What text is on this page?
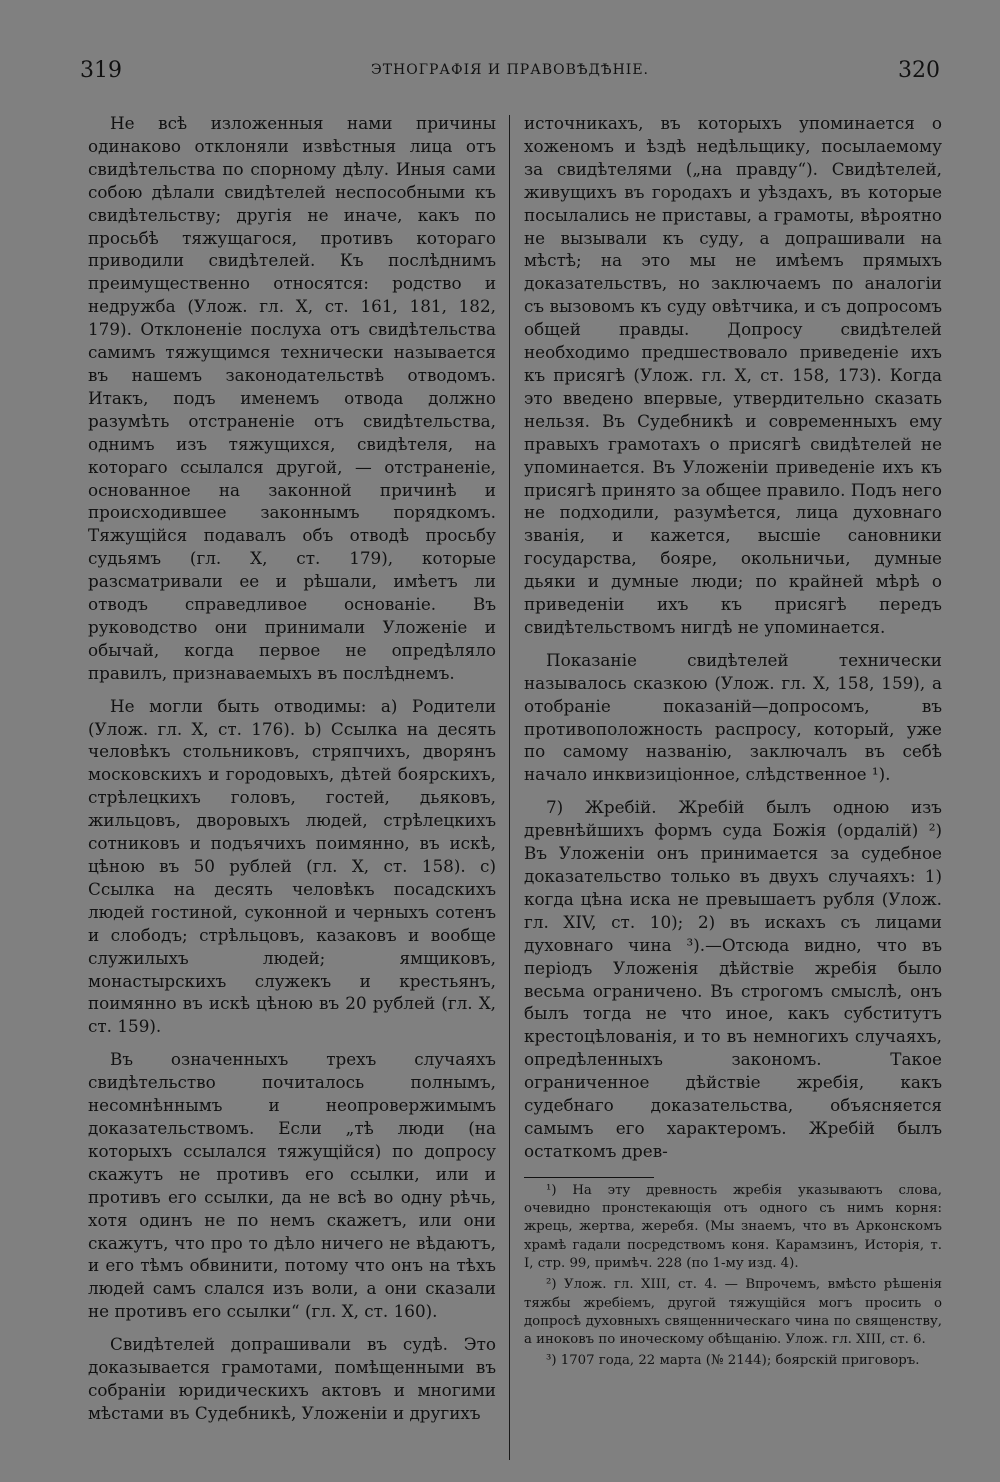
319	ЭТНОГРАФІЯ И ПРАВОВѢДѢНІЕ.	320

Не всѣ изложенныя нами причины одинаково отклоняли извѣстныя лица отъ свидѣтельства по спорному дѣлу. Иныя сами собою дѣлали свидѣтелей неспособными къ свидѣтельству; другія не иначе, какъ по просьбѣ тяжущагося, противъ котораго приводили свидѣтелей. Къ послѣднимъ преимущественно относятся: родство и недружба (Улож. гл. X, ст. 161, 181, 182, 179). Отклоненіе послуха отъ свидѣтельства самимъ тяжущимся технически называется въ нашемъ законодательствѣ отводомъ. Итакъ, подъ именемъ отвода должно разумѣть отстраненіе отъ свидѣтельства, однимъ изъ тяжущихся, свидѣтеля, на котораго ссылался другой, — отстраненіе, основанное на законной причинѣ и происходившее законнымъ порядкомъ. Тяжущійся подавалъ объ отводѣ просьбу судьямъ (гл. X, ст. 179), которые разсматривали ее и рѣшали, имѣетъ ли отводъ справедливое основаніе. Въ руководство они принимали Уложеніе и обычай, когда первое не опредѣляло правилъ, признаваемыхъ въ послѣднемъ.

Не могли быть отводимы: a) Родители (Улож. гл. X, ст. 176). b) Ссылка на десять человѣкъ стольниковъ, стряпчихъ, дворянъ московскихъ и городовыхъ, дѣтей боярскихъ, стрѣлецкихъ головъ, гостей, дьяковъ, жильцовъ, дворовыхъ людей, стрѣлецкихъ сотниковъ и подъячихъ поимянно, въ искѣ, цѣною въ 50 рублей (гл. X, ст. 158). c) Ссылка на десять человѣкъ посадскихъ людей гостиной, суконной и черныхъ сотенъ и слободъ; стрѣльцовъ, казаковъ и вообще служилыхъ людей; ямщиковъ, монастырскихъ служекъ и крестьянъ, поимянно въ искѣ цѣною въ 20 рублей (гл. X, ст. 159).

Въ означенныхъ трехъ случаяхъ свидѣтельство почиталось полнымъ, несомнѣннымъ и неопровержимымъ доказательствомъ. Если „тѣ люди (на которыхъ ссылался тяжущійся) по допросу скажутъ не противъ его ссылки, или и противъ его ссылки, да не всѣ во одну рѣчь, хотя одинъ не по немъ скажетъ, или они скажутъ, что про то дѣло ничего не вѣдаютъ, и его тѣмъ обвинити, потому что онъ на тѣхъ людей самъ слался изъ воли, а они сказали не противъ его ссылки“ (гл. X, ст. 160).

Свидѣтелей допрашивали въ судѣ. Это доказывается грамотами, помѣщенными въ собраніи юридическихъ актовъ и многими мѣстами въ Судебникѣ, Уложеніи и другихъ

источникахъ, въ которыхъ упоминается о хоженомъ и ѣздѣ недѣльщику, посылаемому за свидѣтелями („на правду“). Свидѣтелей, живущихъ въ городахъ и уѣздахъ, въ которые посылались не приставы, а грамоты, вѣроятно не вызывали къ суду, а допрашивали на мѣстѣ; на это мы не имѣемъ прямыхъ доказательствъ, но заключаемъ по аналогіи съ вызовомъ къ суду овѣтчика, и съ допросомъ общей правды. Допросу свидѣтелей необходимо предшествовало приведеніе ихъ къ присягѣ (Улож. гл. X, ст. 158, 173). Когда это введено впервые, утвердительно сказать нельзя. Въ Судебникѣ и современныхъ ему правыхъ грамотахъ о присягѣ свидѣтелей не упоминается. Въ Уложеніи приведеніе ихъ къ присягѣ принято за общее правило. Подъ него не подходили, разумѣется, лица духовнаго званія, и кажется, высшіе сановники государства, бояре, окольничьи, думные дьяки и думные люди; по крайней мѣрѣ о приведеніи ихъ къ присягѣ передъ свидѣтельствомъ нигдѣ не упоминается.

Показаніе свидѣтелей технически называлось сказкою (Улож. гл. X, 158, 159), а отобраніе показаній—допросомъ, въ противоположность распросу, который, уже по самому названію, заключалъ въ себѣ начало инквизиціонное, слѣдственное ¹).

7) Жребій. Жребій былъ одною изъ древнѣйшихъ формъ суда Божія (ордалій) ²) Въ Уложеніи онъ принимается за судебное доказательство только въ двухъ случаяхъ: 1) когда цѣна иска не превышаетъ рубля (Улож. гл. XIV, ст. 10); 2) въ искахъ съ лицами духовнаго чина ³).—Отсюда видно, что въ періодъ Уложенія дѣйствіе жребія было весьма ограничено. Въ строгомъ смыслѣ, онъ былъ тогда не что иное, какъ субститутъ крестоцѣлованія, и то въ немногихъ случаяхъ, опредѣленныхъ закономъ. Такое ограниченное дѣйствіе жребія, какъ судебнаго доказательства, объясняется самымъ его характеромъ. Жребій былъ остаткомъ древ-

¹) На эту древность жребія указываютъ слова, очевидно пронстекающія отъ одного съ нимъ корня: жрець, жертва, жеребя. (Мы знаемъ, что въ Арконскомъ храмѣ гадали посредствомъ коня. Карамзинъ, Исторія, т. I, стр. 99, примѣч. 228 (по 1-му изд. 4).

²) Улож. гл. XIII, ст. 4. — Впрочемъ, вмѣсто рѣшенія тяжбы жребіемъ, другой тяжущійся могъ просить о допросѣ духовныхъ священническаго чина по священству, а иноковъ по иноческому обѣщанію. Улож. гл. XIII, ст. 6.

³) 1707 года, 22 марта (№ 2144); боярскій приговоръ.
